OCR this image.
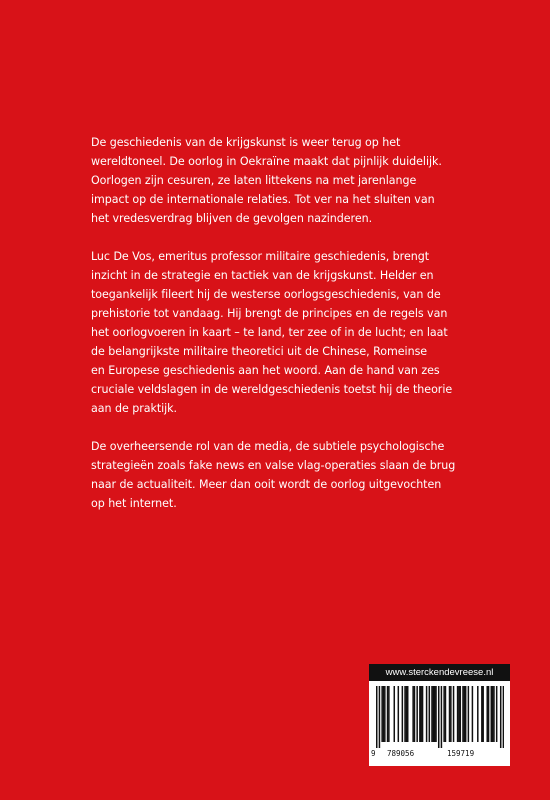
De geschiedenis van de krijgskunst is weer terug op het
wereldtoneel. De oorlog in Oekraïne maakt dat pijnlijk duidelijk.
Oorlogen zijn cesuren, ze laten littekens na met jarenlange
impact op de internationale relaties. Tot ver na het sluiten van
het vredesverdrag blijven de gevolgen nazinderen.

Luc De Vos, emeritus professor militaire geschiedenis, brengt
inzicht in de strategie en tactiek van de krijgskunst. Helder en
toegankelijk fileert hij de westerse oorlogsgeschiedenis, van de
prehistorie tot vandaag. Hij brengt de principes en de regels van
het oorlogvoeren in kaart – te land, ter zee of in de lucht; en laat
de belangrijkste militaire theoretici uit de Chinese, Romeinse
en Europese geschiedenis aan het woord. Aan de hand van zes
cruciale veldslagen in de wereldgeschiedenis toetst hij de theorie
aan de praktijk.

De overheersende rol van de media, de subtiele psychologische
strategieën zoals fake news en valse vlag-operaties slaan de brug
naar de actualiteit. Meer dan ooit wordt de oorlog uitgevochten
op het internet.

www.sterckendevreese.nl
9 789056	159719
